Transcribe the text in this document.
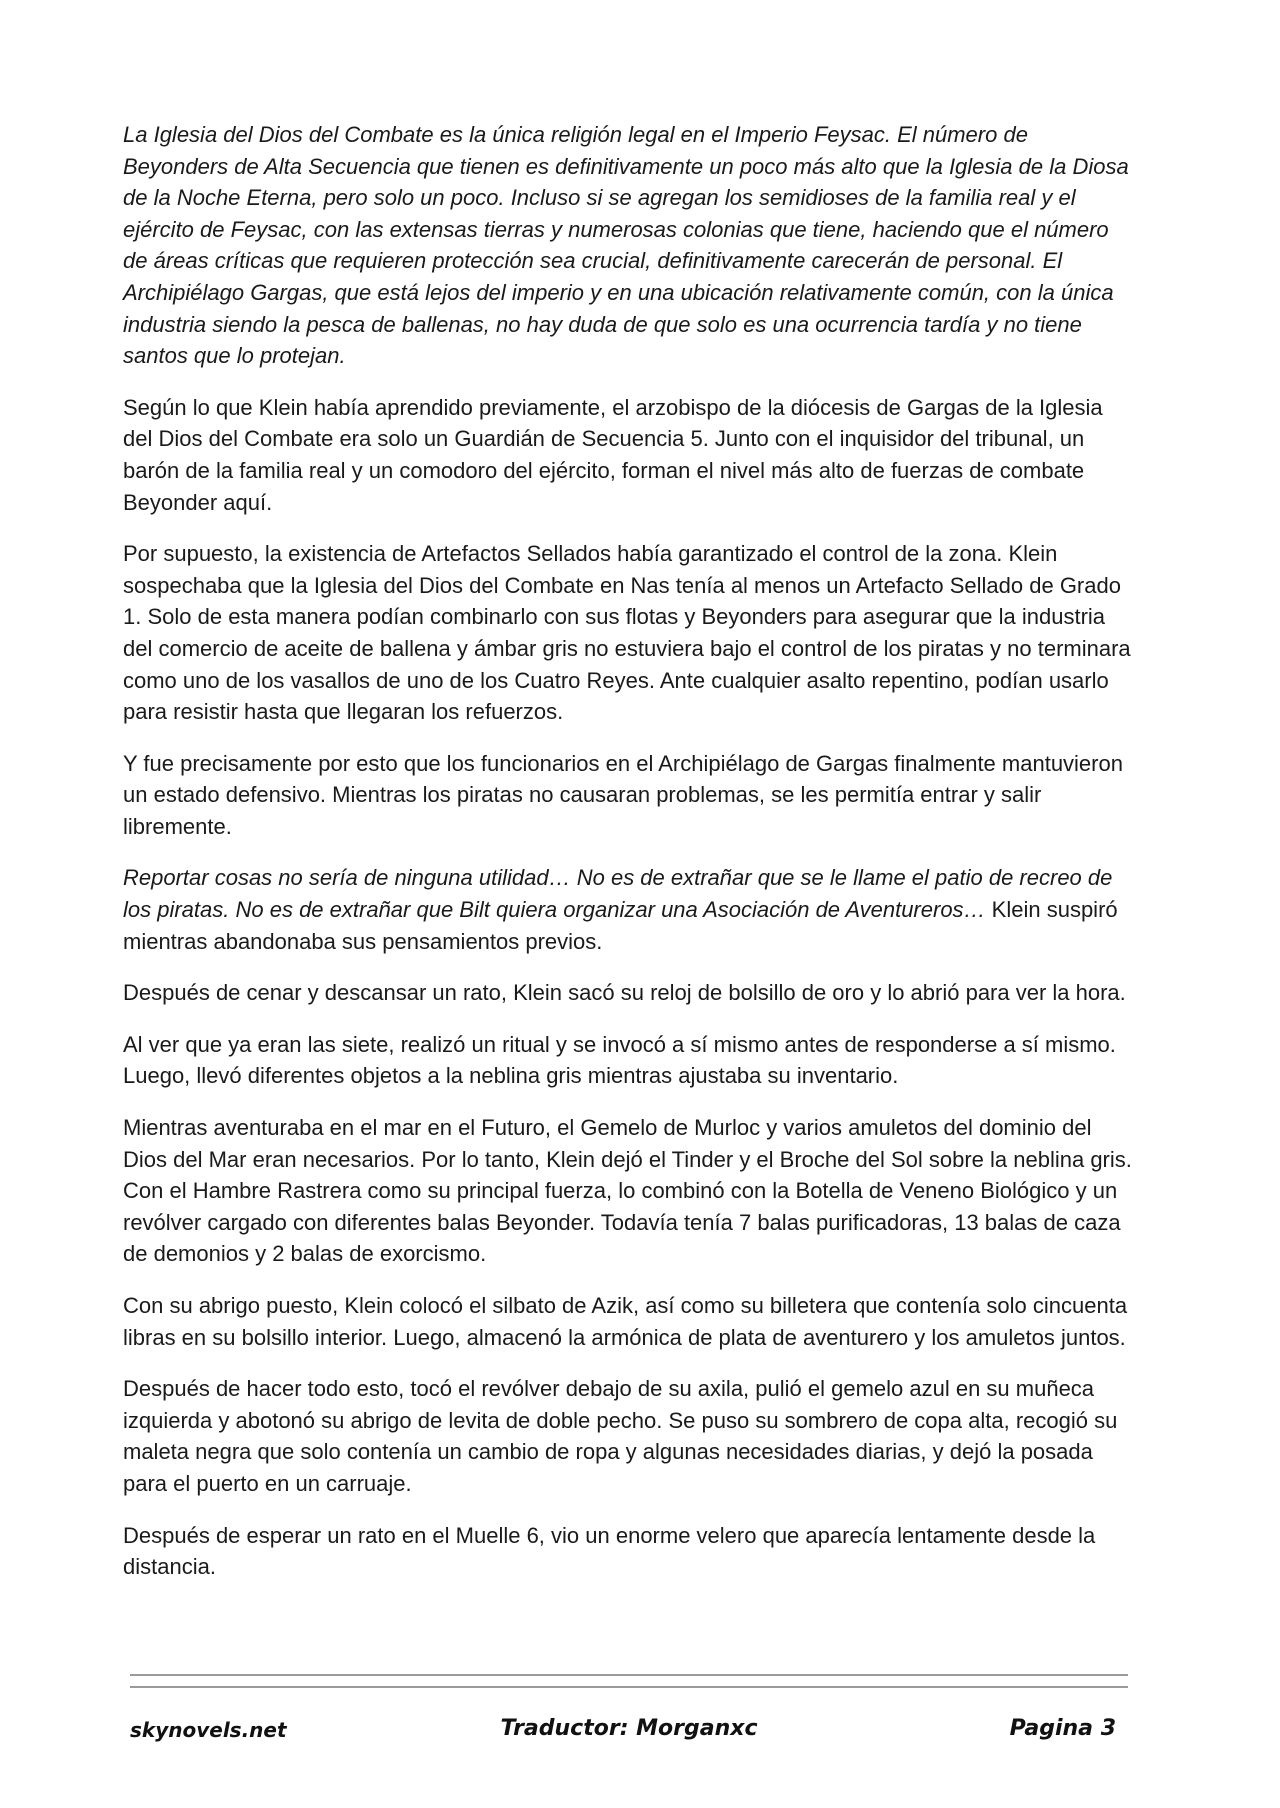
La Iglesia del Dios del Combate es la única religión legal en el Imperio Feysac. El número de Beyonders de Alta Secuencia que tienen es definitivamente un poco más alto que la Iglesia de la Diosa de la Noche Eterna, pero solo un poco. Incluso si se agregan los semidioses de la familia real y el ejército de Feysac, con las extensas tierras y numerosas colonias que tiene, haciendo que el número de áreas críticas que requieren protección sea crucial, definitivamente carecerán de personal. El Archipiélago Gargas, que está lejos del imperio y en una ubicación relativamente común, con la única industria siendo la pesca de ballenas, no hay duda de que solo es una ocurrencia tardía y no tiene santos que lo protejan.

Según lo que Klein había aprendido previamente, el arzobispo de la diócesis de Gargas de la Iglesia del Dios del Combate era solo un Guardián de Secuencia 5. Junto con el inquisidor del tribunal, un barón de la familia real y un comodoro del ejército, forman el nivel más alto de fuerzas de combate Beyonder aquí.

Por supuesto, la existencia de Artefactos Sellados había garantizado el control de la zona. Klein sospechaba que la Iglesia del Dios del Combate en Nas tenía al menos un Artefacto Sellado de Grado 1. Solo de esta manera podían combinarlo con sus flotas y Beyonders para asegurar que la industria del comercio de aceite de ballena y ámbar gris no estuviera bajo el control de los piratas y no terminara como uno de los vasallos de uno de los Cuatro Reyes. Ante cualquier asalto repentino, podían usarlo para resistir hasta que llegaran los refuerzos.

Y fue precisamente por esto que los funcionarios en el Archipiélago de Gargas finalmente mantuvieron un estado defensivo. Mientras los piratas no causaran problemas, se les permitía entrar y salir libremente.

Reportar cosas no sería de ninguna utilidad… No es de extrañar que se le llame el patio de recreo de los piratas. No es de extrañar que Bilt quiera organizar una Asociación de Aventureros… Klein suspiró mientras abandonaba sus pensamientos previos.

Después de cenar y descansar un rato, Klein sacó su reloj de bolsillo de oro y lo abrió para ver la hora.

Al ver que ya eran las siete, realizó un ritual y se invocó a sí mismo antes de responderse a sí mismo. Luego, llevó diferentes objetos a la neblina gris mientras ajustaba su inventario.

Mientras aventuraba en el mar en el Futuro, el Gemelo de Murloc y varios amuletos del dominio del Dios del Mar eran necesarios. Por lo tanto, Klein dejó el Tinder y el Broche del Sol sobre la neblina gris. Con el Hambre Rastrera como su principal fuerza, lo combinó con la Botella de Veneno Biológico y un revólver cargado con diferentes balas Beyonder. Todavía tenía 7 balas purificadoras, 13 balas de caza de demonios y 2 balas de exorcismo.

Con su abrigo puesto, Klein colocó el silbato de Azik, así como su billetera que contenía solo cincuenta libras en su bolsillo interior. Luego, almacenó la armónica de plata de aventurero y los amuletos juntos.

Después de hacer todo esto, tocó el revólver debajo de su axila, pulió el gemelo azul en su muñeca izquierda y abotonó su abrigo de levita de doble pecho. Se puso su sombrero de copa alta, recogió su maleta negra que solo contenía un cambio de ropa y algunas necesidades diarias, y dejó la posada para el puerto en un carruaje.

Después de esperar un rato en el Muelle 6, vio un enorme velero que aparecía lentamente desde la distancia.

skynovels.net	Traductor: Morganxc	Pagina 3
